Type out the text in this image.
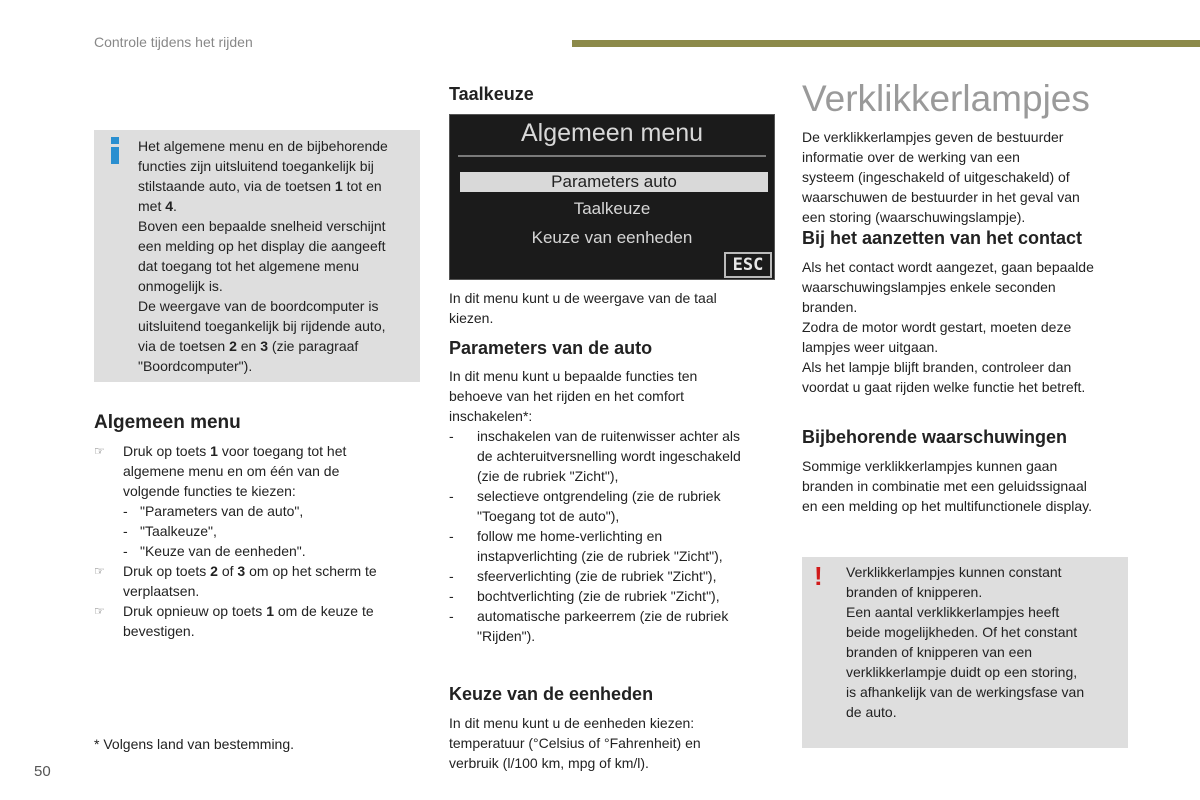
Controle tijdens het rijden
50
Het algemene menu en de bijbehorende
functies zijn uitsluitend toegankelijk bij
stilstaande auto, via de toetsen 1 tot en
met 4.
Boven een bepaalde snelheid verschijnt
een melding op het display die aangeeft
dat toegang tot het algemene menu
onmogelijk is.
De weergave van de boordcomputer is
uitsluitend toegankelijk bij rijdende auto,
via de toetsen 2 en 3 (zie paragraaf
"Boordcomputer").
Algemeen menu
☞ Druk op toets 1 voor toegang tot het
algemene menu en om één van de
volgende functies te kiezen:
- "Parameters van de auto",
- "Taalkeuze",
- "Keuze van de eenheden".
☞ Druk op toets 2 of 3 om op het scherm te
verplaatsen.
☞ Druk opnieuw op toets 1 om de keuze te
bevestigen.
* Volgens land van bestemming.
Taalkeuze
Algemeen menu
Parameters auto
Taalkeuze
Keuze van eenheden
ESC
In dit menu kunt u de weergave van de taal
kiezen.
Parameters van de auto
In dit menu kunt u bepaalde functies ten
behoeve van het rijden en het comfort
inschakelen*:
- inschakelen van de ruitenwisser achter als
de achteruitversnelling wordt ingeschakeld
(zie de rubriek "Zicht"),
- selectieve ontgrendeling (zie de rubriek
"Toegang tot de auto"),
- follow me home-verlichting en
instapverlichting (zie de rubriek "Zicht"),
- sfeerverlichting (zie de rubriek "Zicht"),
- bochtverlichting (zie de rubriek "Zicht"),
- automatische parkeerrem (zie de rubriek
"Rijden").
Keuze van de eenheden
In dit menu kunt u de eenheden kiezen:
temperatuur (°Celsius of °Fahrenheit) en
verbruik (l/100 km, mpg of km/l).
Verklikkerlampjes
De verklikkerlampjes geven de bestuurder
informatie over de werking van een
systeem (ingeschakeld of uitgeschakeld) of
waarschuwen de bestuurder in het geval van
een storing (waarschuwingslampje).
Bij het aanzetten van het contact
Als het contact wordt aangezet, gaan bepaalde
waarschuwingslampjes enkele seconden
branden.
Zodra de motor wordt gestart, moeten deze
lampjes weer uitgaan.
Als het lampje blijft branden, controleer dan
voordat u gaat rijden welke functie het betreft.
Bijbehorende waarschuwingen
Sommige verklikkerlampjes kunnen gaan
branden in combinatie met een geluidssignaal
en een melding op het multifunctionele display.
! Verklikkerlampjes kunnen constant
branden of knipperen.
Een aantal verklikkerlampjes heeft
beide mogelijkheden. Of het constant
branden of knipperen van een
verklikkerlampje duidt op een storing,
is afhankelijk van de werkingsfase van
de auto.
